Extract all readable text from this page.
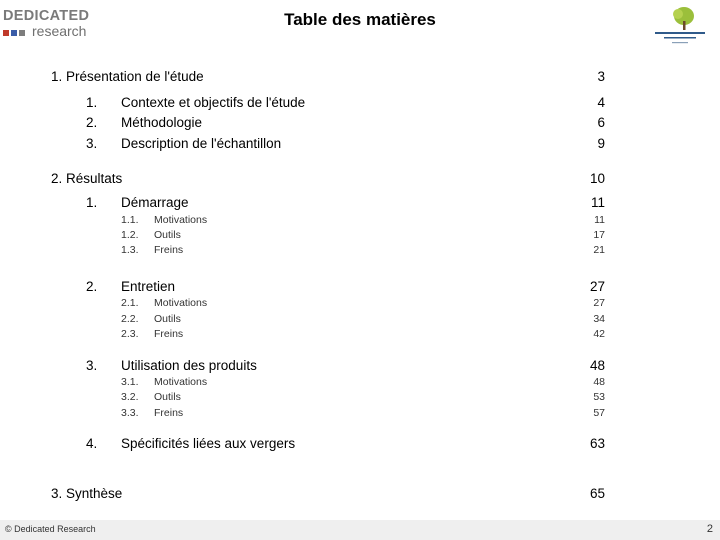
DEDICATED
research
Table des matières
1. Présentation de l'étude	3
1. Contexte et objectifs de l'étude	4
2. Méthodologie	6
3. Description de l'échantillon	9
2. Résultats	10
1. Démarrage	11
1.1. Motivations	11
1.2. Outils	17
1.3. Freins	21
2. Entretien	27
2.1. Motivations	27
2.2. Outils	34
2.3. Freins	42
3. Utilisation des produits	48
3.1. Motivations	48
3.2. Outils	53
3.3. Freins	57
4. Spécificités liées aux vergers	63
3. Synthèse	65
© Dedicated Research	2
